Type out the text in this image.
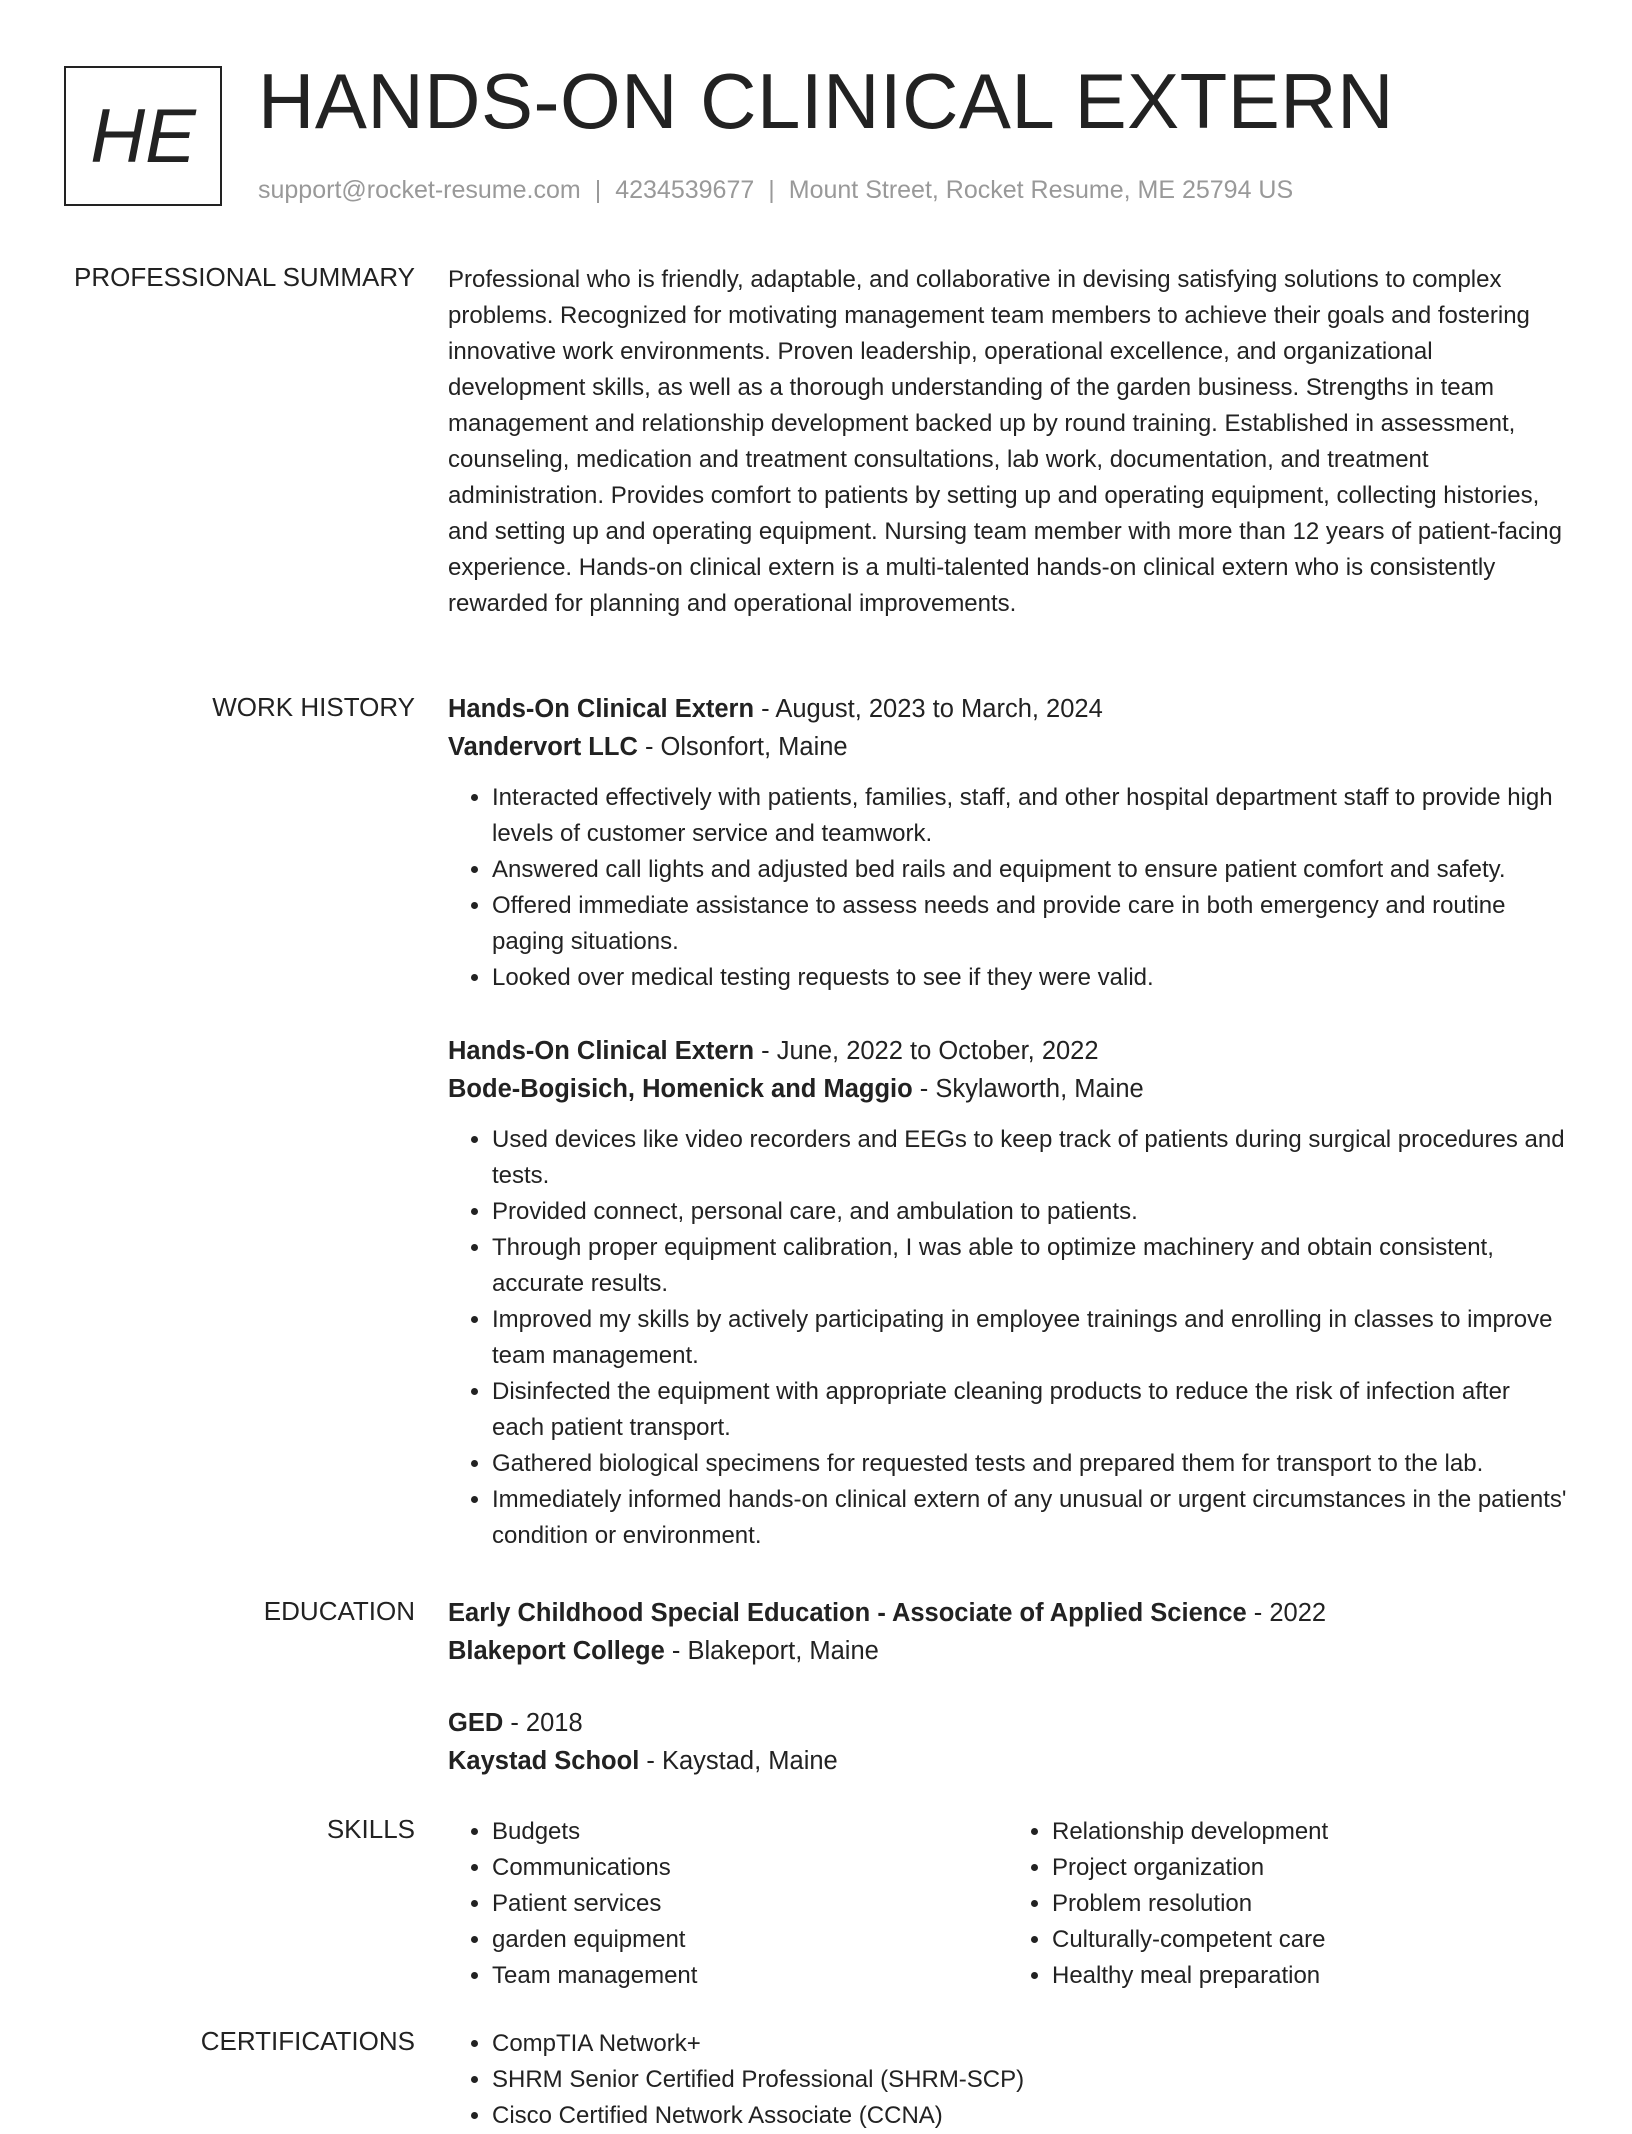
HE HANDS-ON CLINICAL EXTERN
support@rocket-resume.com | 4234539677 | Mount Street, Rocket Resume, ME 25794 US
PROFESSIONAL SUMMARY Professional who is friendly, adaptable, and collaborative in devising satisfying solutions to complex problems. Recognized for motivating management team members to achieve their goals and fostering innovative work environments. Proven leadership, operational excellence, and organizational development skills, as well as a thorough understanding of the garden business. Strengths in team management and relationship development backed up by round training. Established in assessment, counseling, medication and treatment consultations, lab work, documentation, and treatment administration. Provides comfort to patients by setting up and operating equipment, collecting histories, and setting up and operating equipment. Nursing team member with more than 12 years of patient-facing experience. Hands-on clinical extern is a multi-talented hands-on clinical extern who is consistently rewarded for planning and operational improvements.

WORK HISTORY Hands-On Clinical Extern - August, 2023 to March, 2024
Vandervort LLC - Olsonfort, Maine
• Interacted effectively with patients, families, staff, and other hospital department staff to provide high levels of customer service and teamwork.
• Answered call lights and adjusted bed rails and equipment to ensure patient comfort and safety.
• Offered immediate assistance to assess needs and provide care in both emergency and routine paging situations.
• Looked over medical testing requests to see if they were valid.
Hands-On Clinical Extern - June, 2022 to October, 2022
Bode-Bogisich, Homenick and Maggio - Skylaworth, Maine
• Used devices like video recorders and EEGs to keep track of patients during surgical procedures and tests.
• Provided connect, personal care, and ambulation to patients.
• Through proper equipment calibration, I was able to optimize machinery and obtain consistent, accurate results.
• Improved my skills by actively participating in employee trainings and enrolling in classes to improve team management.
• Disinfected the equipment with appropriate cleaning products to reduce the risk of infection after each patient transport.
• Gathered biological specimens for requested tests and prepared them for transport to the lab.
• Immediately informed hands-on clinical extern of any unusual or urgent circumstances in the patients' condition or environment.
EDUCATION Early Childhood Special Education - Associate of Applied Science - 2022
Blakeport College - Blakeport, Maine
GED - 2018
Kaystad School - Kaystad, Maine
SKILLS	• Budgets
• Communications
• Patient services
• garden equipment
• Team management
• Relationship development
• Project organization
• Problem resolution
• Culturally-competent care
• Healthy meal preparation
CERTIFICATIONS	• CompTIA Network+
• SHRM Senior Certified Professional (SHRM-SCP)
• Cisco Certified Network Associate (CCNA)
